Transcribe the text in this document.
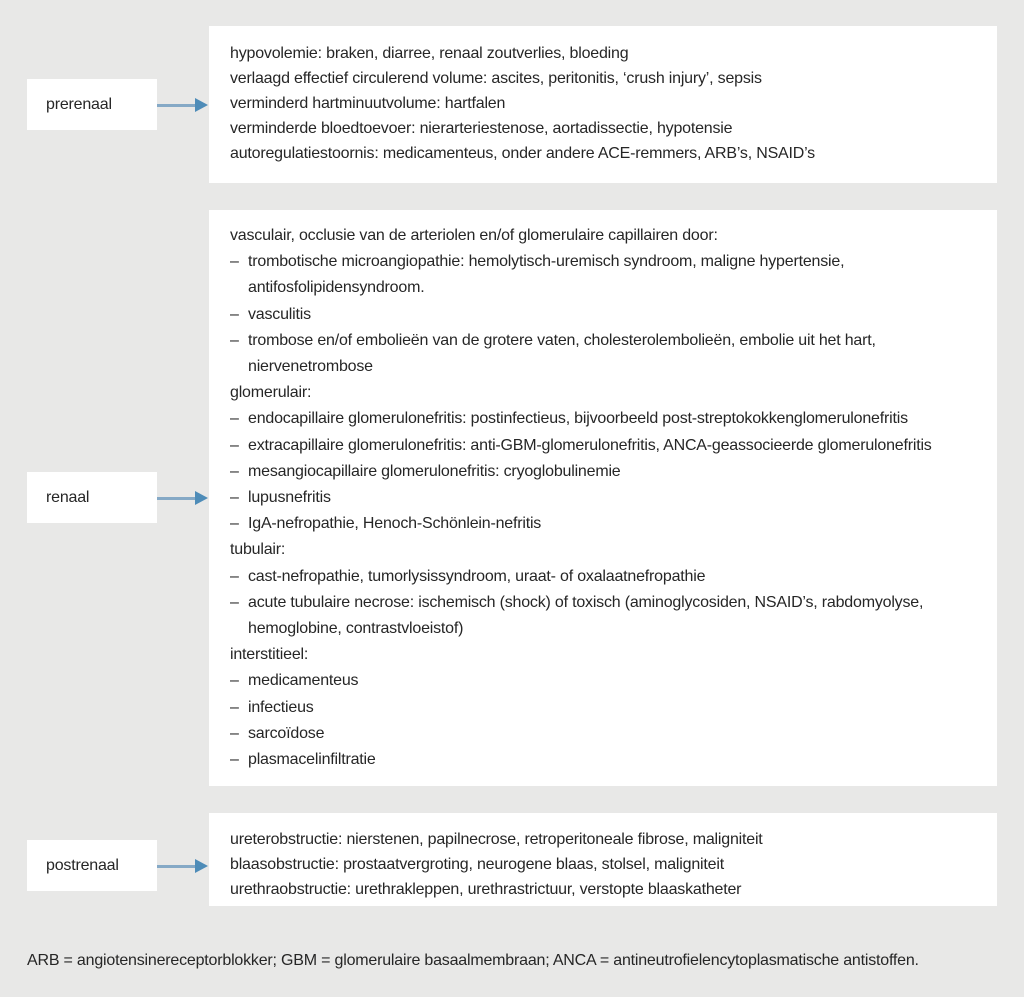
prerenaal
renaal
postrenaal
hypovolemie: braken, diarree, renaal zoutverlies, bloeding
verlaagd effectief circulerend volume: ascites, peritonitis, ‘crush injury’, sepsis
verminderd hartminuutvolume: hartfalen
verminderde bloedtoevoer: nierarteriestenose, aortadissectie, hypotensie
autoregulatiestoornis: medicamenteus, onder andere ACE-remmers, ARB’s, NSAID’s
vasculair, occlusie van de arteriolen en/of glomerulaire capillairen door:
– trombotische microangiopathie: hemolytisch-uremisch syndroom, maligne hypertensie,
antifosfolipidensyndroom.
– vasculitis
– trombose en/of embolieën van de grotere vaten, cholesterolembolieën, embolie uit het hart,
niervenetrombose
glomerulair:
– endocapillaire glomerulonefritis: postinfectieus, bijvoorbeeld post-streptokokkenglomerulonefritis
– extracapillaire glomerulonefritis: anti-GBM-glomerulonefritis, ANCA-geassocieerde glomerulonefritis
– mesangiocapillaire glomerulonefritis: cryoglobulinemie
– lupusnefritis
– IgA-nefropathie, Henoch-Schönlein-nefritis
tubulair:
– cast-nefropathie, tumorlysissyndroom, uraat- of oxalaatnefropathie
– acute tubulaire necrose: ischemisch (shock) of toxisch (aminoglycosiden, NSAID’s, rabdomyolyse,
hemoglobine, contrastvloeistof)
interstitieel:
– medicamenteus
– infectieus
– sarcoïdose
– plasmacelinfiltratie
ureterobstructie: nierstenen, papilnecrose, retroperitoneale fibrose, maligniteit
blaasobstructie: prostaatvergroting, neurogene blaas, stolsel, maligniteit
urethraobstructie: urethrakleppen, urethrastrictuur, verstopte blaaskatheter
ARB = angiotensinereceptorblokker; GBM = glomerulaire basaalmembraan; ANCA = antineutrofielencytoplasmatische antistoffen.
